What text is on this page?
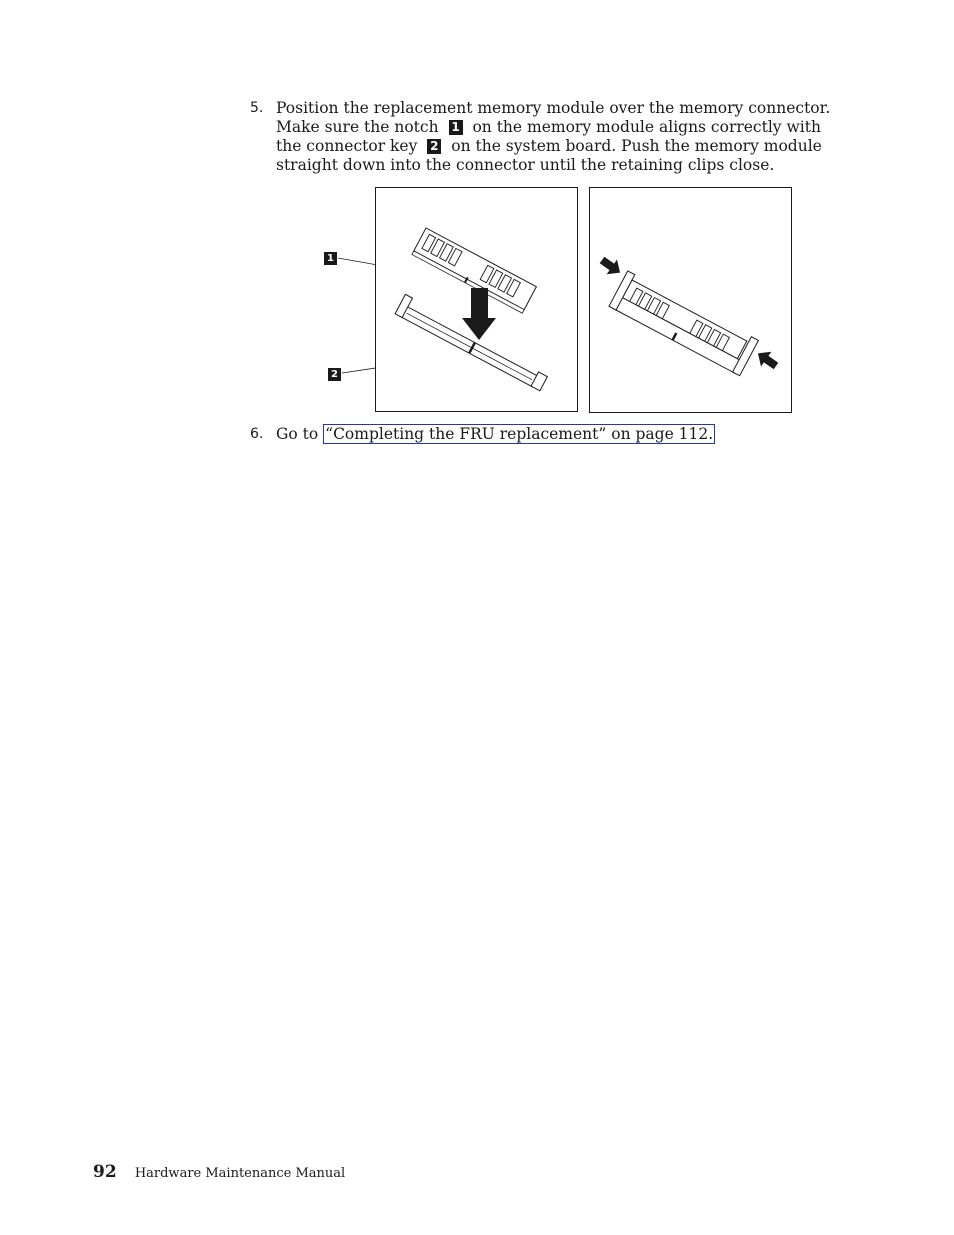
5. Position the replacement memory module over the memory connector. Make sure the notch 1 on the memory module aligns correctly with the connector key 2 on the system board. Push the memory module straight down into the connector until the retaining clips close.
1
2
6. Go to “Completing the FRU replacement” on page 112.
92 Hardware Maintenance Manual
